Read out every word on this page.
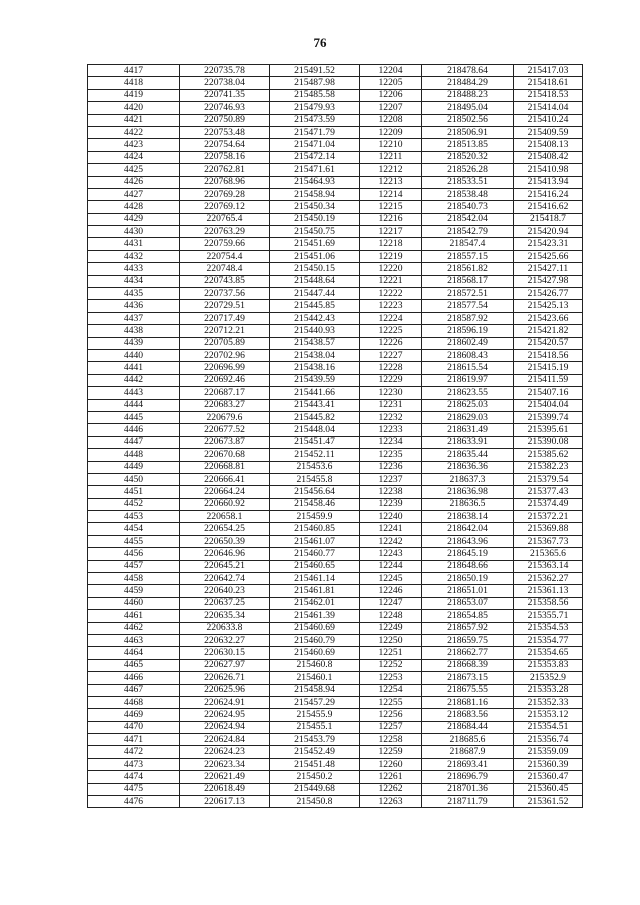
76
4417	220735.78	215491.52	12204	218478.64	215417.03
4418	220738.04	215487.98	12205	218484.29	215418.61
4419	220741.35	215485.58	12206	218488.23	215418.53
4420	220746.93	215479.93	12207	218495.04	215414.04
4421	220750.89	215473.59	12208	218502.56	215410.24
4422	220753.48	215471.79	12209	218506.91	215409.59
4423	220754.64	215471.04	12210	218513.85	215408.13
4424	220758.16	215472.14	12211	218520.32	215408.42
4425	220762.81	215471.61	12212	218526.28	215410.98
4426	220768.96	215464.93	12213	218533.51	215413.94
4427	220769.28	215458.94	12214	218538.48	215416.24
4428	220769.12	215450.34	12215	218540.73	215416.62
4429	220765.4	215450.19	12216	218542.04	215418.7
4430	220763.29	215450.75	12217	218542.79	215420.94
4431	220759.66	215451.69	12218	218547.4	215423.31
4432	220754.4	215451.06	12219	218557.15	215425.66
4433	220748.4	215450.15	12220	218561.82	215427.11
4434	220743.85	215448.64	12221	218568.17	215427.98
4435	220737.56	215447.44	12222	218572.51	215426.77
4436	220729.51	215445.85	12223	218577.54	215425.13
4437	220717.49	215442.43	12224	218587.92	215423.66
4438	220712.21	215440.93	12225	218596.19	215421.82
4439	220705.89	215438.57	12226	218602.49	215420.57
4440	220702.96	215438.04	12227	218608.43	215418.56
4441	220696.99	215438.16	12228	218615.54	215415.19
4442	220692.46	215439.59	12229	218619.97	215411.59
4443	220687.17	215441.66	12230	218623.55	215407.16
4444	220683.27	215443.41	12231	218625.03	215404.04
4445	220679.6	215445.82	12232	218629.03	215399.74
4446	220677.52	215448.04	12233	218631.49	215395.61
4447	220673.87	215451.47	12234	218633.91	215390.08
4448	220670.68	215452.11	12235	218635.44	215385.62
4449	220668.81	215453.6	12236	218636.36	215382.23
4450	220666.41	215455.8	12237	218637.3	215379.54
4451	220664.24	215456.64	12238	218636.98	215377.43
4452	220660.92	215458.46	12239	218636.5	215374.49
4453	220658.1	215459.9	12240	218638.14	215372.21
4454	220654.25	215460.85	12241	218642.04	215369.88
4455	220650.39	215461.07	12242	218643.96	215367.73
4456	220646.96	215460.77	12243	218645.19	215365.6
4457	220645.21	215460.65	12244	218648.66	215363.14
4458	220642.74	215461.14	12245	218650.19	215362.27
4459	220640.23	215461.81	12246	218651.01	215361.13
4460	220637.25	215462.01	12247	218653.07	215358.56
4461	220635.34	215461.39	12248	218654.85	215355.71
4462	220633.8	215460.69	12249	218657.92	215354.53
4463	220632.27	215460.79	12250	218659.75	215354.77
4464	220630.15	215460.69	12251	218662.77	215354.65
4465	220627.97	215460.8	12252	218668.39	215353.83
4466	220626.71	215460.1	12253	218673.15	215352.9
4467	220625.96	215458.94	12254	218675.55	215353.28
4468	220624.91	215457.29	12255	218681.16	215352.33
4469	220624.95	215455.9	12256	218683.56	215353.12
4470	220624.94	215455.1	12257	218684.44	215354.51
4471	220624.84	215453.79	12258	218685.6	215356.74
4472	220624.23	215452.49	12259	218687.9	215359.09
4473	220623.34	215451.48	12260	218693.41	215360.39
4474	220621.49	215450.2	12261	218696.79	215360.47
4475	220618.49	215449.68	12262	218701.36	215360.45
4476	220617.13	215450.8	12263	218711.79	215361.52
